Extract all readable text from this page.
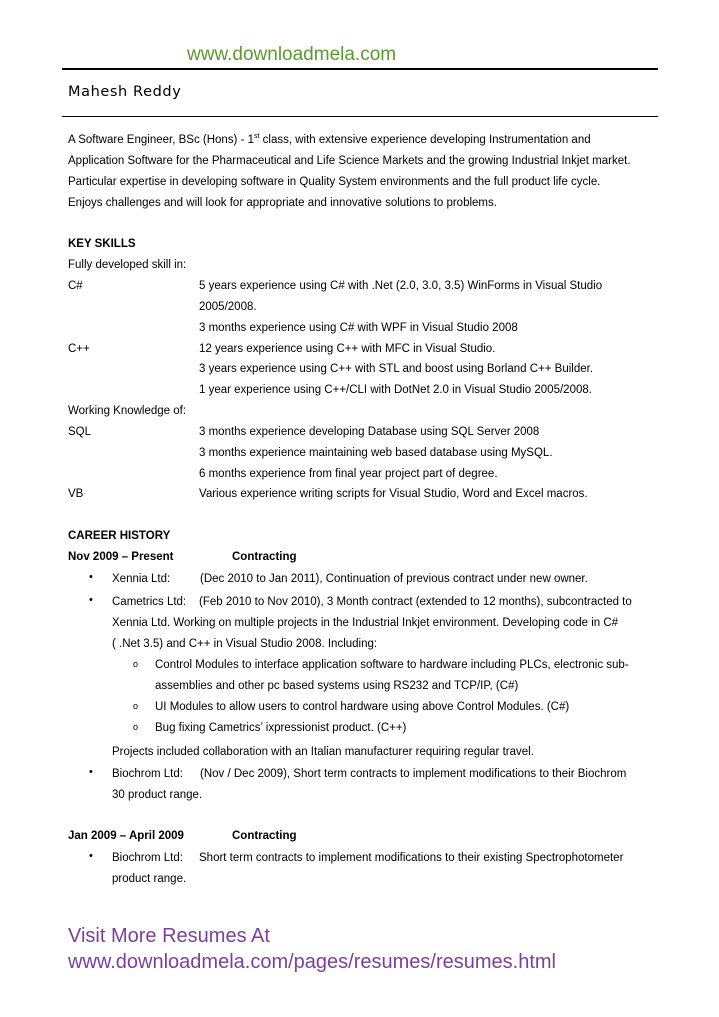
www.downloadmela.com
Mahesh Reddy
A Software Engineer, BSc (Hons) - 1st class, with extensive experience developing Instrumentation and
Application Software for the Pharmaceutical and Life Science Markets and the growing Industrial Inkjet market.
Particular expertise in developing software in Quality System environments and the full product life cycle.
Enjoys challenges and will look for appropriate and innovative solutions to problems.
KEY SKILLS
Fully developed skill in:
C#	5 years experience using C# with .Net (2.0, 3.0, 3.5) WinForms in Visual Studio
2005/2008.
3 months experience using C# with WPF in Visual Studio 2008
C++	12 years experience using C++ with MFC in Visual Studio.
3 years experience using C++ with STL and boost using Borland C++ Builder.
1 year experience using C++/CLI with DotNet 2.0 in Visual Studio 2005/2008.
Working Knowledge of:
SQL	3 months experience developing Database using SQL Server 2008
3 months experience maintaining web based database using MySQL.
6 months experience from final year project part of degree.
VB	Various experience writing scripts for Visual Studio, Word and Excel macros.
CAREER HISTORY
Nov 2009 – Present	Contracting
• Xennia Ltd:	(Dec 2010 to Jan 2011), Continuation of previous contract under new owner.
• Cametrics Ltd: (Feb 2010 to Nov 2010), 3 Month contract (extended to 12 months), subcontracted to
Xennia Ltd. Working on multiple projects in the Industrial Inkjet environment. Developing code in C#
( .Net 3.5) and C++ in Visual Studio 2008. Including:
o Control Modules to interface application software to hardware including PLCs, electronic sub-
assemblies and other pc based systems using RS232 and TCP/IP, (C#)
o UI Modules to allow users to control hardware using above Control Modules. (C#)
o Bug fixing Cametrics’ ixpressionist product. (C++)
Projects included collaboration with an Italian manufacturer requiring regular travel.
• Biochrom Ltd: (Nov / Dec 2009), Short term contracts to implement modifications to their Biochrom
30 product range.
Jan 2009 – April 2009	Contracting
• Biochrom Ltd: Short term contracts to implement modifications to their existing Spectrophotometer
product range.
Visit More Resumes At
www.downloadmela.com/pages/resumes/resumes.html
